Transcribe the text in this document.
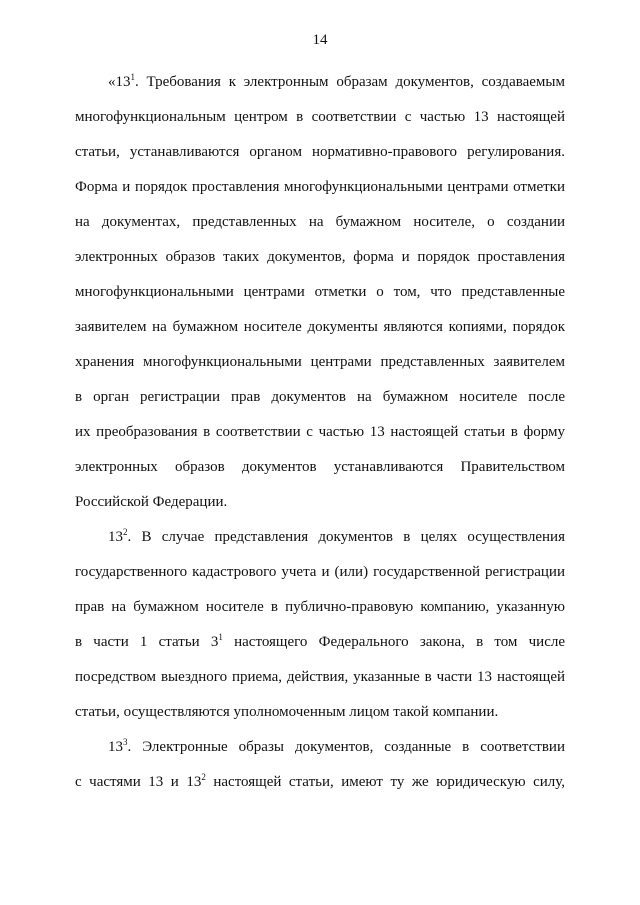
14
«$13^1$. Требования к электронным образам документов, создаваемым
многофункциональным центром в соответствии с частью 13 настоящей
статьи, устанавливаются органом нормативно-правового регулирования.
Форма и порядок проставления многофункциональными центрами отметки
на документах, представленных на бумажном носителе, о создании
электронных образов таких документов, форма и порядок проставления
многофункциональными центрами отметки о том, что представленные
заявителем на бумажном носителе документы являются копиями, порядок
хранения многофункциональными центрами представленных заявителем
в орган регистрации прав документов на бумажном носителе после
их преобразования в соответствии с частью 13 настоящей статьи в форму
электронных образов документов устанавливаются Правительством
Российской Федерации.
$13^2$. В случае представления документов в целях осуществления
государственного кадастрового учета и (или) государственной регистрации
прав на бумажном носителе в публично-правовую компанию, указанную
в части 1 статьи $3^1$ настоящего Федерального закона, в том числе
посредством выездного приема, действия, указанные в части 13 настоящей
статьи, осуществляются уполномоченным лицом такой компании.
$13^3$. Электронные образы документов, созданные в соответствии
с частями 13 и $13^2$ настоящей статьи, имеют ту же юридическую силу,
